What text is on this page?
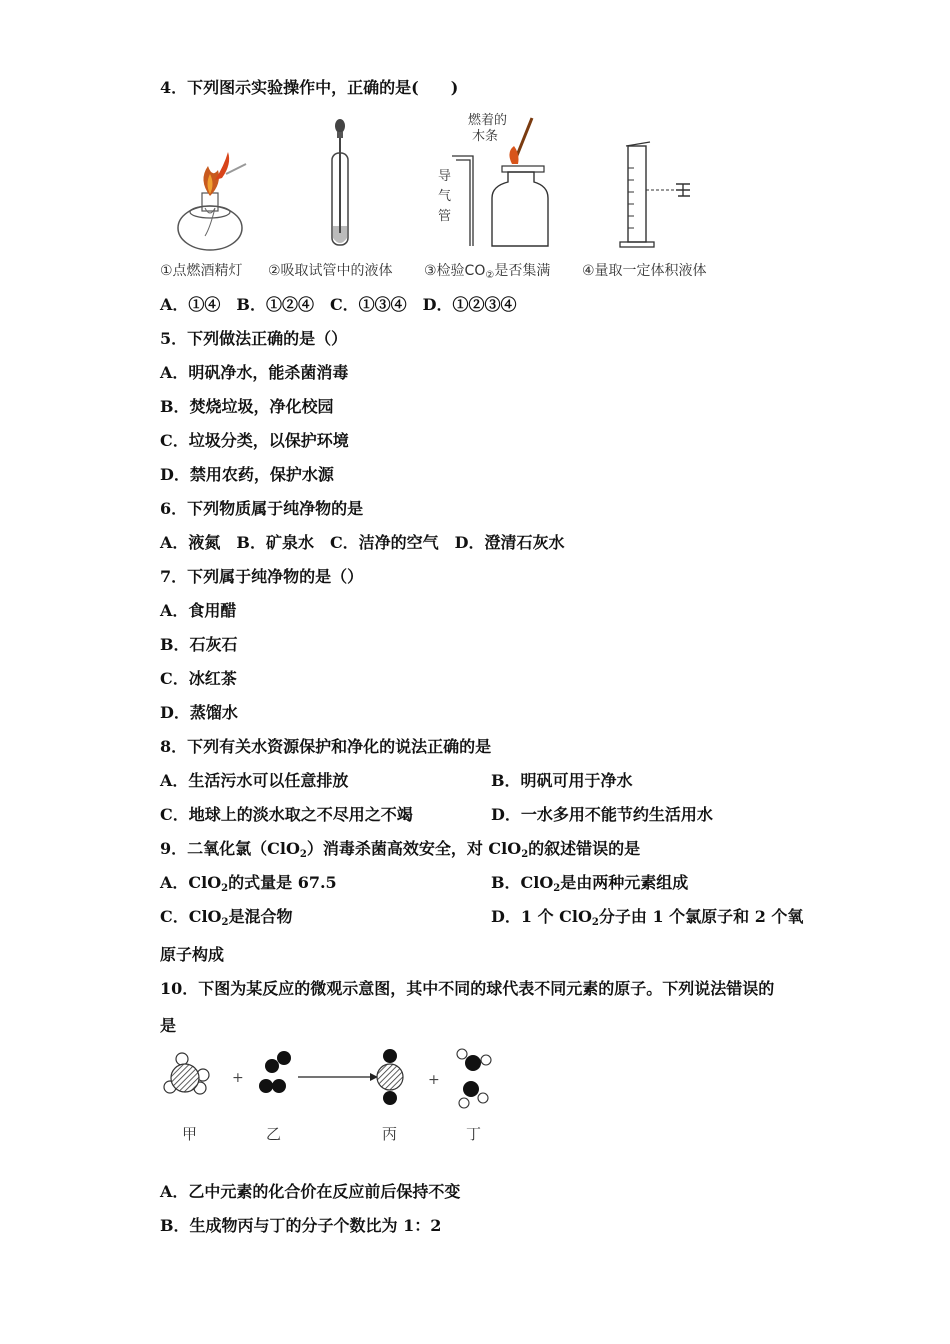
4．下列图示实验操作中，正确的是(　　)
燃着的
木条
导
气
管
①点燃酒精灯 ②吸取试管中的液体 ③检验$CO_②$是否集满 ④量取一定体积液体
A．①④　B．①②④　C．①③④　D．①②③④
5．下列做法正确的是（）
A．明矾净水，能杀菌消毒
B．焚烧垃圾，净化校园
C．垃圾分类，以保护环境
D．禁用农药，保护水源
6．下列物质属于纯净物的是
A．液氮　B．矿泉水　C．洁净的空气　D．澄清石灰水
7．下列属于纯净物的是（）
A．食用醋
B．石灰石
C．冰红茶
D．蒸馏水
8．下列有关水资源保护和净化的说法正确的是
A．生活污水可以任意排放	B．明矾可用于净水
C．地球上的淡水取之不尽用之不竭	D．一水多用不能节约生活用水
9．二氧化氯（ClO$_2$）消毒杀菌高效安全，对 ClO$_2$的叙述错误的是
A．ClO$_2$的式量是 67.5	B．ClO$_2$是由两种元素组成
C．ClO$_2$是混合物	D．1 个 ClO$_2$分子由 1 个氯原子和 2 个氧
原子构成
10．下图为某反应的微观示意图，其中不同的球代表不同元素的原子。下列说法错误的
是
+	+
甲	乙	丙	丁
A．乙中元素的化合价在反应前后保持不变
B．生成物丙与丁的分子个数比为 1：2
